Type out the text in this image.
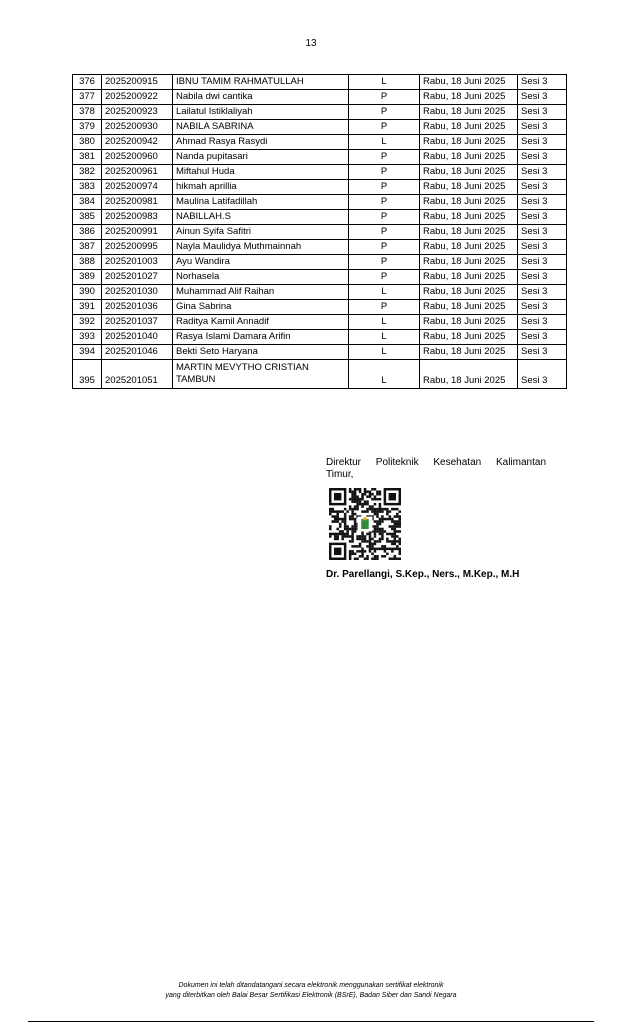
13
376	2025200915	IBNU TAMIM RAHMATULLAH	L	Rabu, 18 Juni 2025	Sesi 3
377	2025200922	Nabila dwi cantika	P	Rabu, 18 Juni 2025	Sesi 3
378	2025200923	Lailatul Istiklaliyah	P	Rabu, 18 Juni 2025	Sesi 3
379	2025200930	NABILA SABRINA	P	Rabu, 18 Juni 2025	Sesi 3
380	2025200942	Ahmad Rasya Rasydi	L	Rabu, 18 Juni 2025	Sesi 3
381	2025200960	Nanda pupitasari	P	Rabu, 18 Juni 2025	Sesi 3
382	2025200961	Miftahul Huda	P	Rabu, 18 Juni 2025	Sesi 3
383	2025200974	hikmah aprillia	P	Rabu, 18 Juni 2025	Sesi 3
384	2025200981	Maulina Latifadillah	P	Rabu, 18 Juni 2025	Sesi 3
385	2025200983	NABILLAH.S	P	Rabu, 18 Juni 2025	Sesi 3
386	2025200991	Ainun Syifa Safitri	P	Rabu, 18 Juni 2025	Sesi 3
387	2025200995	Nayla Maulidya Muthmainnah	P	Rabu, 18 Juni 2025	Sesi 3
388	2025201003	Ayu Wandira	P	Rabu, 18 Juni 2025	Sesi 3
389	2025201027	Norhasela	P	Rabu, 18 Juni 2025	Sesi 3
390	2025201030	Muhammad Alif Raihan	L	Rabu, 18 Juni 2025	Sesi 3
391	2025201036	Gina Sabrina	P	Rabu, 18 Juni 2025	Sesi 3
392	2025201037	Raditya Kamil Annadif	L	Rabu, 18 Juni 2025	Sesi 3
393	2025201040	Rasya Islami Damara Arifin	L	Rabu, 18 Juni 2025	Sesi 3
394	2025201046	Bekti Seto Haryana	L	Rabu, 18 Juni 2025	Sesi 3
395	2025201051	MARTIN MEVYTHO CRISTIAN TAMBUN	L	Rabu, 18 Juni 2025	Sesi 3
Direktur Politeknik Kesehatan Kalimantan Timur,
Dr. Parellangi, S.Kep., Ners., M.Kep., M.H
Dokumen ini telah ditandatangani secara elektronik menggunakan sertifikat elektronik
yang diterbitkan oleh Balai Besar Sertifikasi Elektronik (BSrE), Badan Siber dan Sandi Negara
